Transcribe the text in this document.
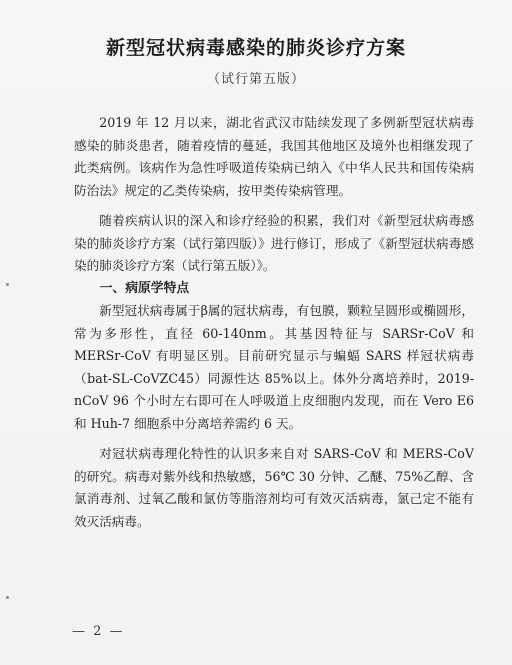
新型冠状病毒感染的肺炎诊疗方案
（试行第五版）

2019 年 12 月以来，湖北省武汉市陆续发现了多例新型冠状病毒感染的肺炎患者，随着疫情的蔓延，我国其他地区及境外也相继发现了此类病例。该病作为急性呼吸道传染病已纳入《中华人民共和国传染病防治法》规定的乙类传染病，按甲类传染病管理。

随着疾病认识的深入和诊疗经验的积累，我们对《新型冠状病毒感染的肺炎诊疗方案（试行第四版）》进行修订，形成了《新型冠状病毒感染的肺炎诊疗方案（试行第五版）》。

一、病原学特点

新型冠状病毒属于β属的冠状病毒，有包膜，颗粒呈圆形或椭圆形，常为多形性，直径 60-140nm。其基因特征与 SARSr-CoV 和 MERSr-CoV 有明显区别。目前研究显示与蝙蝠 SARS 样冠状病毒（bat-SL-CoVZC45）同源性达 85%以上。体外分离培养时，2019-nCoV 96 个小时左右即可在人呼吸道上皮细胞内发现，而在 Vero E6 和 Huh-7 细胞系中分离培养需约 6 天。

对冠状病毒理化特性的认识多来自对 SARS-CoV 和 MERS-CoV 的研究。病毒对紫外线和热敏感，56℃ 30 分钟、乙醚、75%乙醇、含氯消毒剂、过氧乙酸和氯仿等脂溶剂均可有效灭活病毒，氯己定不能有效灭活病毒。

— 2 —
